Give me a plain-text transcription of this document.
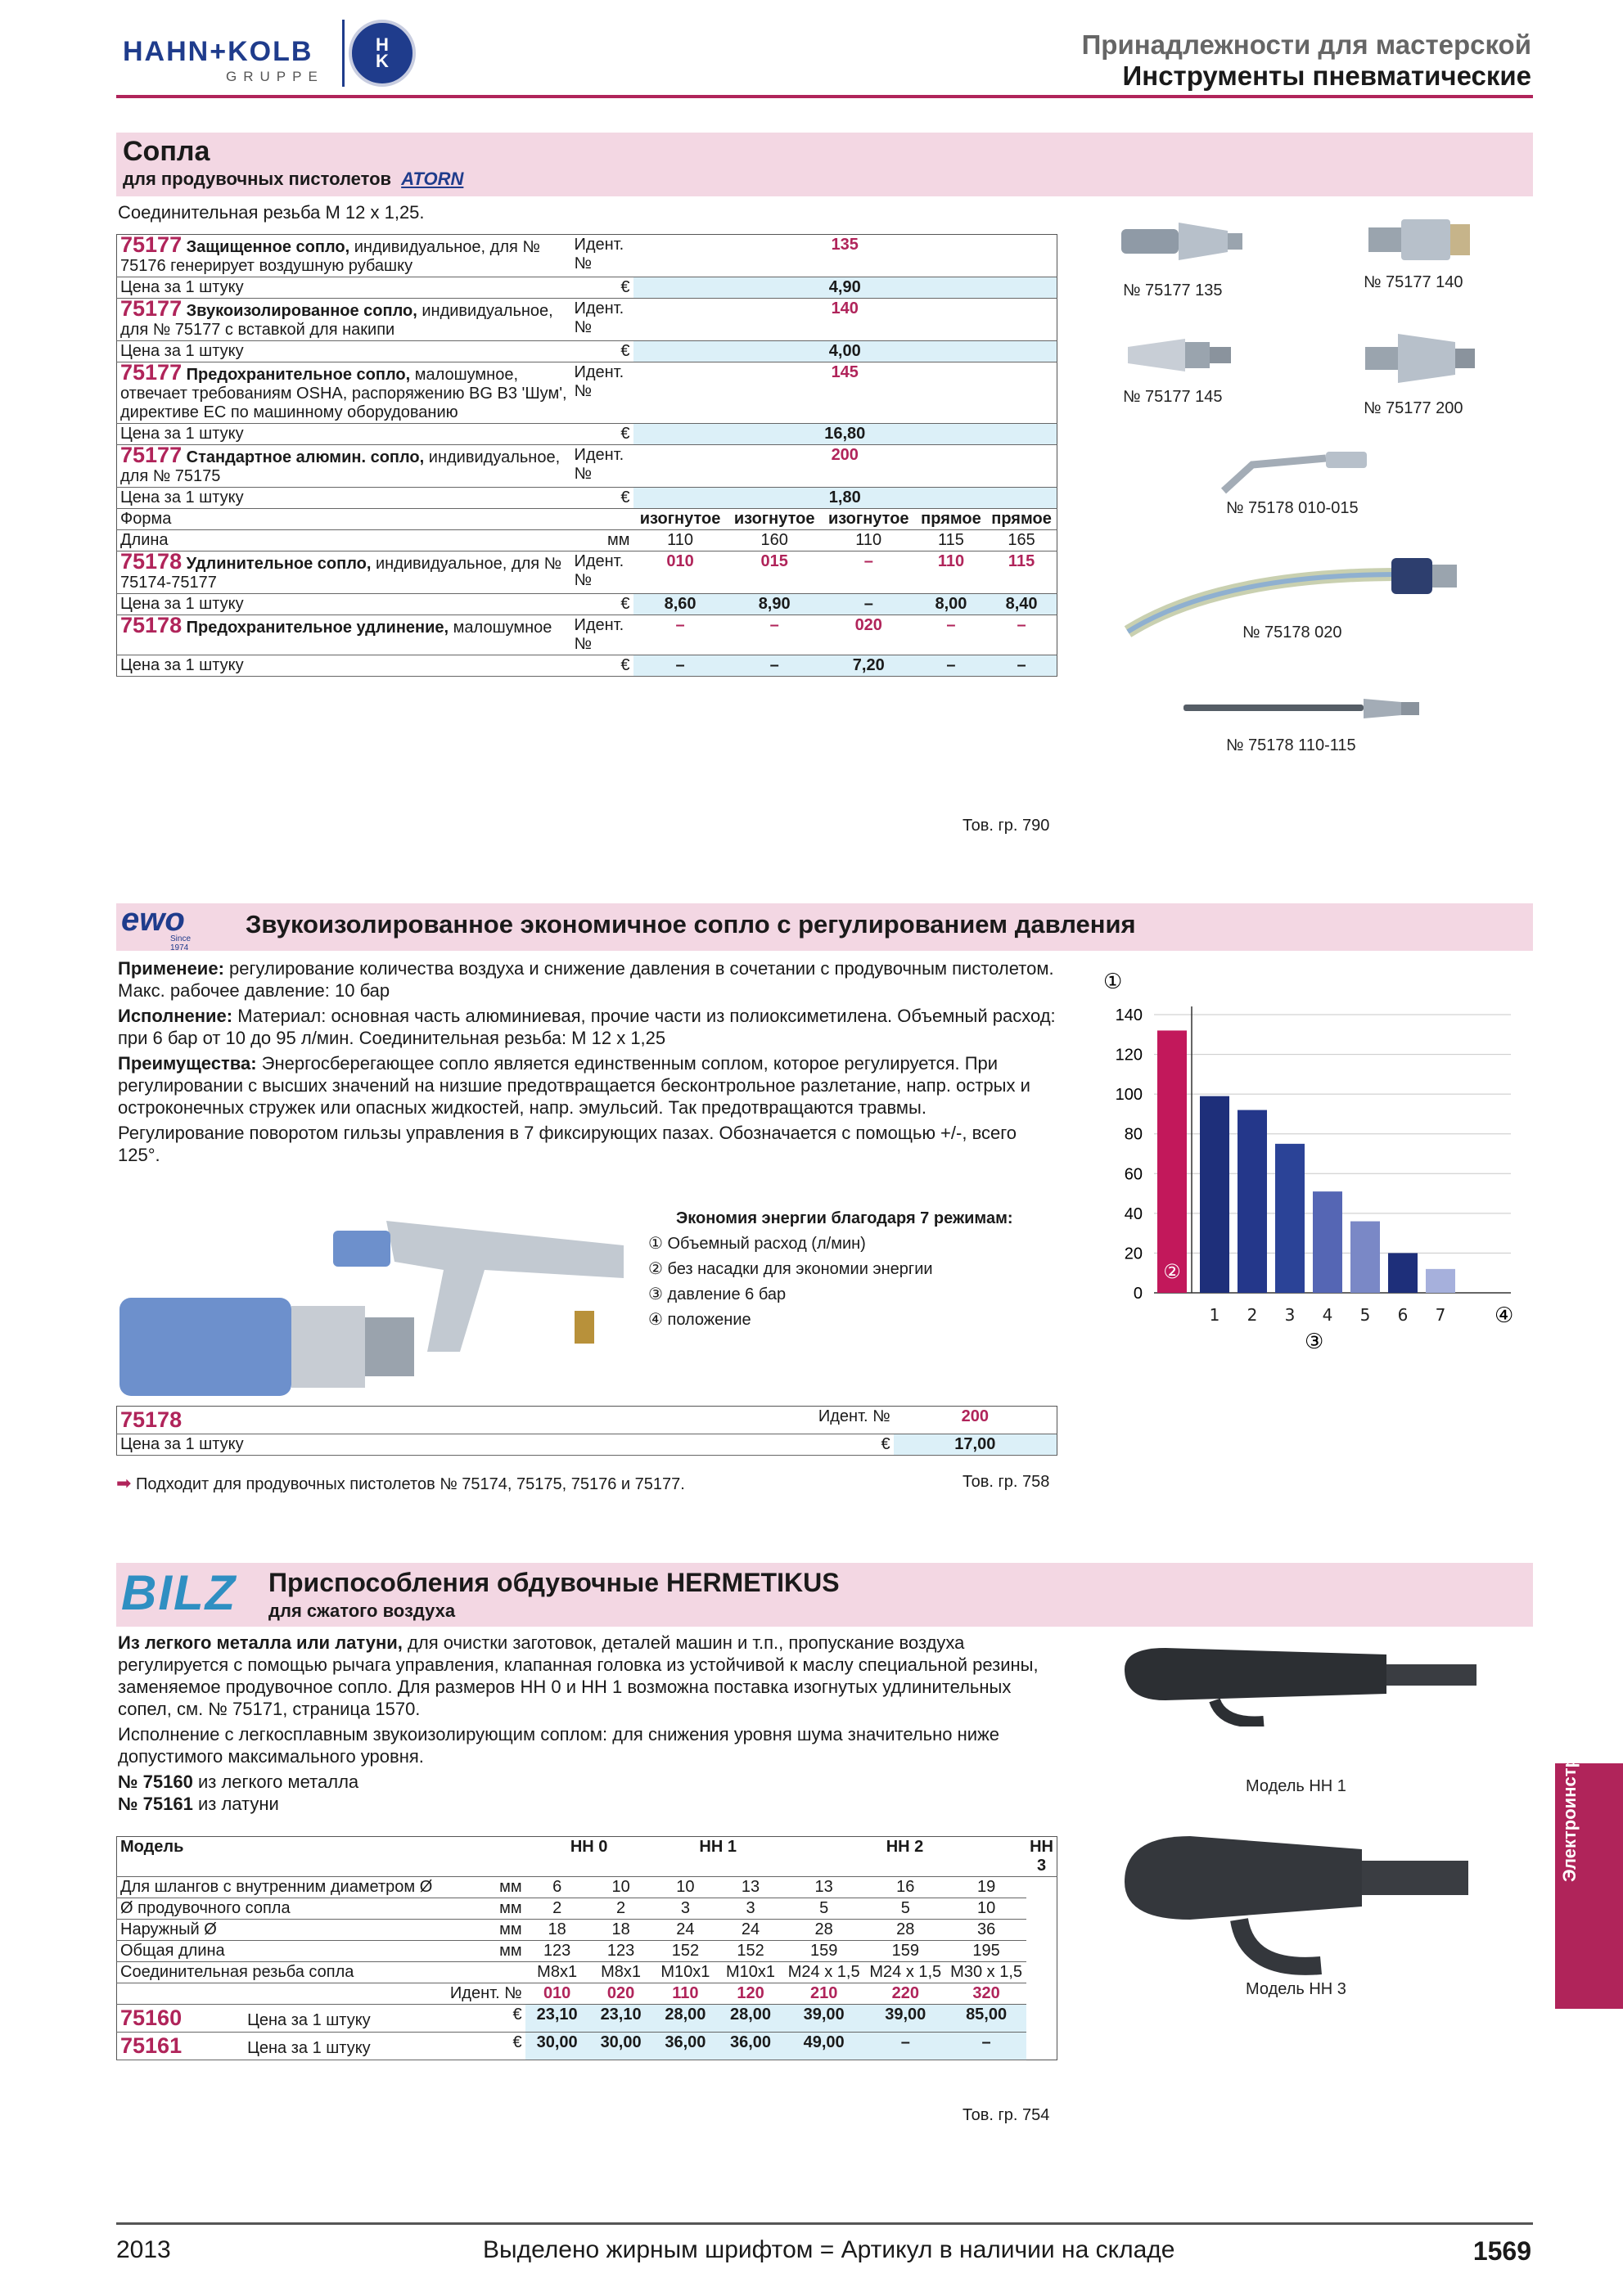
HAHN+KOLB
GRUPPE
H
K
Принадлежности для мастерской
Инструменты пневматические
Сопла
для продувочных пистолетов ATORN
Соединительная резьба M 12 x 1,25.
75177 Защищенное сопло, индивидуальное, для № 75176 генерирует воздушную рубашку	Идент. №	135				
Цена за 1 штуку	€	4,90				
75177 Звукоизолированное сопло, индивидуальное, для № 75177 с вставкой для накипи	Идент. №	140				
Цена за 1 штуку	€	4,00				
75177 Предохранительное сопло, малошумное, отвечает требованиям OSHA, распоряжению BG B3 'Шум', директиве EC по машинному оборудованию	Идент. №	145				
Цена за 1 штуку	€	16,80				
75177 Стандартное алюмин. сопло, индивидуальное, для № 75175	Идент. №	200				
Цена за 1 штуку	€	1,80				
Форма		изогнутое	изогнутое	изогнутое	прямое	прямое
Длина	мм	110	160	110	115	165
75178 Удлинительное сопло, индивидуальное, для № 75174-75177	Идент. №	010	015	–	110	115
Цена за 1 штуку	€	8,60	8,90	–	8,00	8,40
75178 Предохранительное удлинение, малошумное	Идент. №	–	–	020	–	–
Цена за 1 штуку	€	–	–	7,20	–	–
Тов. гр. 790
№ 75177 135	№ 75177 140
№ 75177 145
№ 75177 200
№ 75178 010-015
№ 75178 020
№ 75178 110-115
ewo
Since 1974
Звукоизолированное экономичное сопло с регулированием давления

Применеие: регулирование количества воздуха и снижение давления в сочетании с продувочным пистолетом. Макс. рабочее давление: 10 бар

Исполнение: Материал: основная часть алюминиевая, прочие части из полиоксиметилена. Объемный расход: при 6 бар от 10 до 95 л/мин. Соединительная резьба: M 12 x 1,25

Преимущества: Энергосберегающее сопло является единственным соплом, которое регулируется. При регулировании с высших значений на низшие предотвращается бесконтрольное разлетание, напр. острых и остроконечных стружек или опасных жидкостей, напр. эмульсий. Так предотвращаются травмы.

Регулирование поворотом гильзы управления в 7 фиксирующих пазах. Обозначается с помощью +/-, всего 125°.

Экономия энергии благодаря 7 режимам:
① Объемный расход (л/мин)
② без насадки для экономии энергии
③ давление 6 бар
④ положение
0
20
40
60
80
100
120
140
①
②
1 2 3 4 5 6 7 ④
③
75178	Идент. №	200
Цена за 1 штуку	€	17,00
➡ Подходит для продувочных пистолетов № 75174, 75175, 75176 и 75177.	Тов. гр. 758
BILZ Приспособления обдувочные HERMETIKUS
для сжатого воздуха

Из легкого металла или латуни, для очистки заготовок, деталей машин и т.п., пропускание воздуха регулируется с помощью рычага управления, клапанная головка из устойчивой к маслу специальной резины, заменяемое продувочное сопло. Для размеров HH 0 и HH 1 возможна поставка изогнутых удлинительных сопел, см. № 75171, страница 1570.

Исполнение с легкосплавным звукоизолирующим соплом: для снижения уровня шума значительно ниже допустимого максимального уровня.

№ 75160 из легкого металла

№ 75161 из латуни

Модель HH 1
Модель HH 3
Модель		HH 0		HH 1		HH 2			HH 3
Для шлангов с внутренним диаметром Ø	мм	6	10	10	13	13	16	19	
Ø продувочного сопла	мм	2	2	3	3	5	5	10	
Наружный Ø	мм	18	18	24	24	28	28	36	
Общая длина	мм	123	123	152	152	159	159	195	
Соединительная резьба сопла		M8x1	M8x1	M10x1	M10x1	M24 x 1,5	M24 x 1,5	M30 x 1,5	
Идент. №		010	020	110	120	210	220	320	
75160 Цена за 1 штуку	€	23,10	23,10	28,00	28,00	39,00	39,00	85,00	
75161 Цена за 1 штуку	€	30,00	30,00	36,00	36,00	49,00	–	–	
Тов. гр. 754
Электроинструмент
2013	Выделено жирным шрифтом = Артикул в наличии на складе	1569
